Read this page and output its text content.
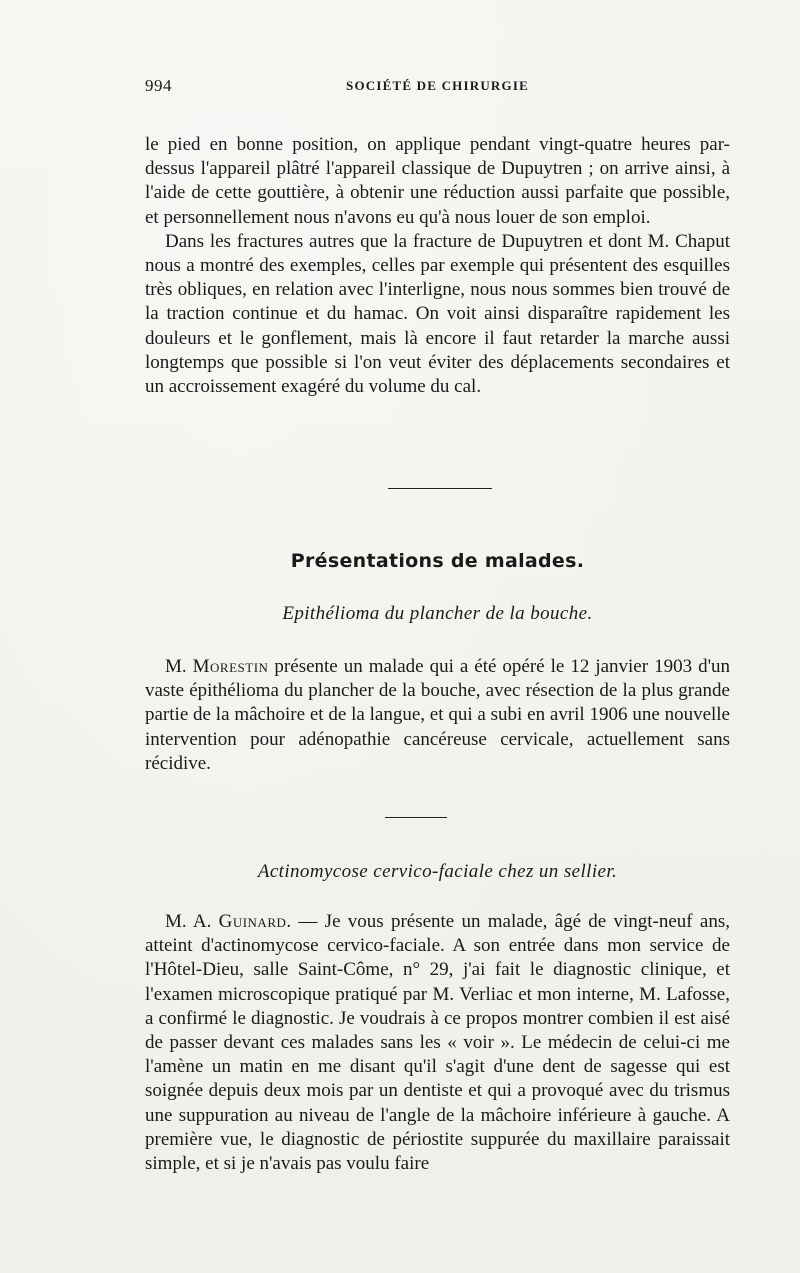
994	SOCIÉTÉ DE CHIRURGIE

le pied en bonne position, on applique pendant vingt-quatre heures par-dessus l'appareil plâtré l'appareil classique de Dupuytren ; on arrive ainsi, à l'aide de cette gouttière, à obtenir une réduction aussi parfaite que possible, et personnellement nous n'avons eu qu'à nous louer de son emploi.

Dans les fractures autres que la fracture de Dupuytren et dont M. Chaput nous a montré des exemples, celles par exemple qui présentent des esquilles très obliques, en relation avec l'interligne, nous nous sommes bien trouvé de la traction continue et du hamac. On voit ainsi disparaître rapidement les douleurs et le gonflement, mais là encore il faut retarder la marche aussi longtemps que possible si l'on veut éviter des déplacements secondaires et un accroissement exagéré du volume du cal.

Présentations de malades.
Epithélioma du plancher de la bouche.

M. Morestin présente un malade qui a été opéré le 12 janvier 1903 d'un vaste épithélioma du plancher de la bouche, avec résection de la plus grande partie de la mâchoire et de la langue, et qui a subi en avril 1906 une nouvelle intervention pour adénopathie cancéreuse cervicale, actuellement sans récidive.

Actinomycose cervico-faciale chez un sellier.

M. A. Guinard. — Je vous présente un malade, âgé de vingt-neuf ans, atteint d'actinomycose cervico-faciale. A son entrée dans mon service de l'Hôtel-Dieu, salle Saint-Côme, n° 29, j'ai fait le diagnostic clinique, et l'examen microscopique pratiqué par M. Verliac et mon interne, M. Lafosse, a confirmé le diagnostic. Je voudrais à ce propos montrer combien il est aisé de passer devant ces malades sans les « voir ». Le médecin de celui-ci me l'amène un matin en me disant qu'il s'agit d'une dent de sagesse qui est soignée depuis deux mois par un dentiste et qui a provoqué avec du trismus une suppuration au niveau de l'angle de la mâchoire inférieure à gauche. A première vue, le diagnostic de périostite suppurée du maxillaire paraissait simple, et si je n'avais pas voulu faire
